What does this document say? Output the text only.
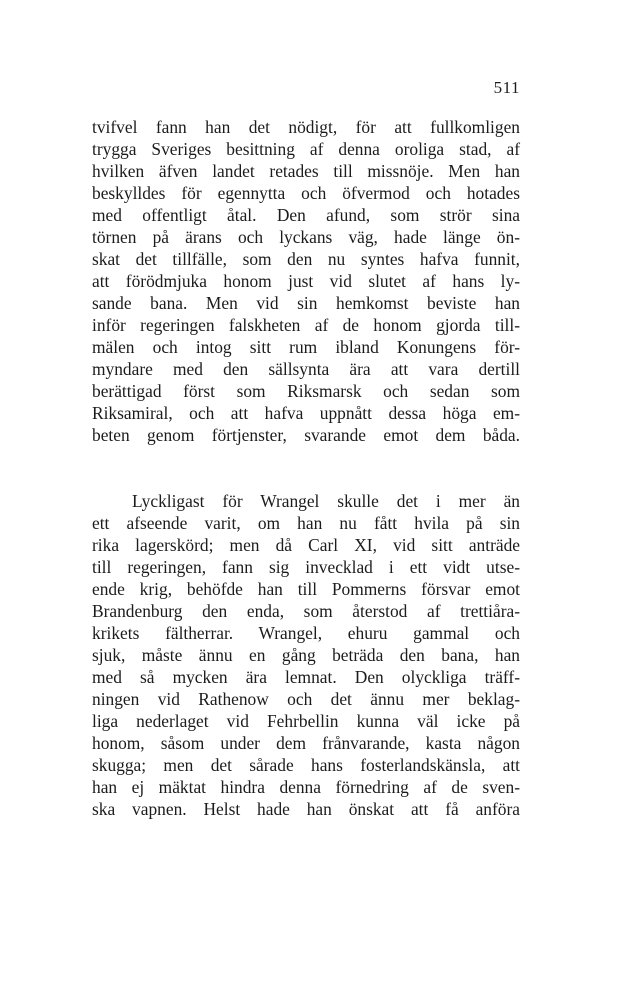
511
tvifvel fann han det nödigt, för att fullkomligen
trygga Sveriges besittning af denna oroliga stad, af
hvilken äfven landet retades till missnöje. Men han
beskylldes för egennytta och öfvermod och hotades
med offentligt åtal. Den afund, som strör sina
törnen på ärans och lyckans väg, hade länge ön-
skat det tillfälle, som den nu syntes hafva funnit,
att förödmjuka honom just vid slutet af hans ly-
sande bana. Men vid sin hemkomst beviste han
inför regeringen falskheten af de honom gjorda till-
mälen och intog sitt rum ibland Konungens för-
myndare med den sällsynta ära att vara dertill
berättigad först som Riksmarsk och sedan som
Riksamiral, och att hafva uppnått dessa höga em-
beten genom förtjenster, svarande emot dem båda.
Lyckligast för Wrangel skulle det i mer än
ett afseende varit, om han nu fått hvila på sin
rika lagerskörd; men då Carl XI, vid sitt anträde
till regeringen, fann sig invecklad i ett vidt utse-
ende krig, behöfde han till Pommerns försvar emot
Brandenburg den enda, som återstod af trettiåra-
krikets fältherrar. Wrangel, ehuru gammal och
sjuk, måste ännu en gång beträda den bana, han
med så mycken ära lemnat. Den olyckliga träff-
ningen vid Rathenow och det ännu mer beklag-
liga nederlaget vid Fehrbellin kunna väl icke på
honom, såsom under dem frånvarande, kasta någon
skugga; men det sårade hans fosterlandskänsla, att
han ej mäktat hindra denna förnedring af de sven-
ska vapnen. Helst hade han önskat att få anföra
